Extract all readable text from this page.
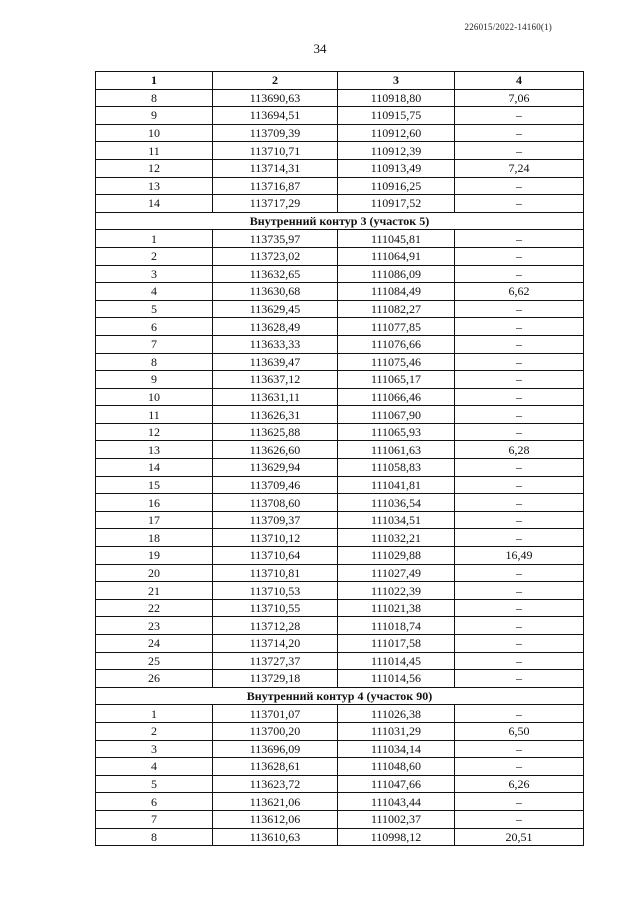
226015/2022-14160(1)
34
1	2	3	4
8	113690,63	110918,80	7,06
9	113694,51	110915,75	–
10	113709,39	110912,60	–
11	113710,71	110912,39	–
12	113714,31	110913,49	7,24
13	113716,87	110916,25	–
14	113717,29	110917,52	–
Внутренний контур 3 (участок 5)			
1	113735,97	111045,81	–
2	113723,02	111064,91	–
3	113632,65	111086,09	–
4	113630,68	111084,49	6,62
5	113629,45	111082,27	–
6	113628,49	111077,85	–
7	113633,33	111076,66	–
8	113639,47	111075,46	–
9	113637,12	111065,17	–
10	113631,11	111066,46	–
11	113626,31	111067,90	–
12	113625,88	111065,93	–
13	113626,60	111061,63	6,28
14	113629,94	111058,83	–
15	113709,46	111041,81	–
16	113708,60	111036,54	–
17	113709,37	111034,51	–
18	113710,12	111032,21	–
19	113710,64	111029,88	16,49
20	113710,81	111027,49	–
21	113710,53	111022,39	–
22	113710,55	111021,38	–
23	113712,28	111018,74	–
24	113714,20	111017,58	–
25	113727,37	111014,45	–
26	113729,18	111014,56	–
Внутренний контур 4 (участок 90)			
1	113701,07	111026,38	–
2	113700,20	111031,29	6,50
3	113696,09	111034,14	–
4	113628,61	111048,60	–
5	113623,72	111047,66	6,26
6	113621,06	111043,44	–
7	113612,06	111002,37	–
8	113610,63	110998,12	20,51
